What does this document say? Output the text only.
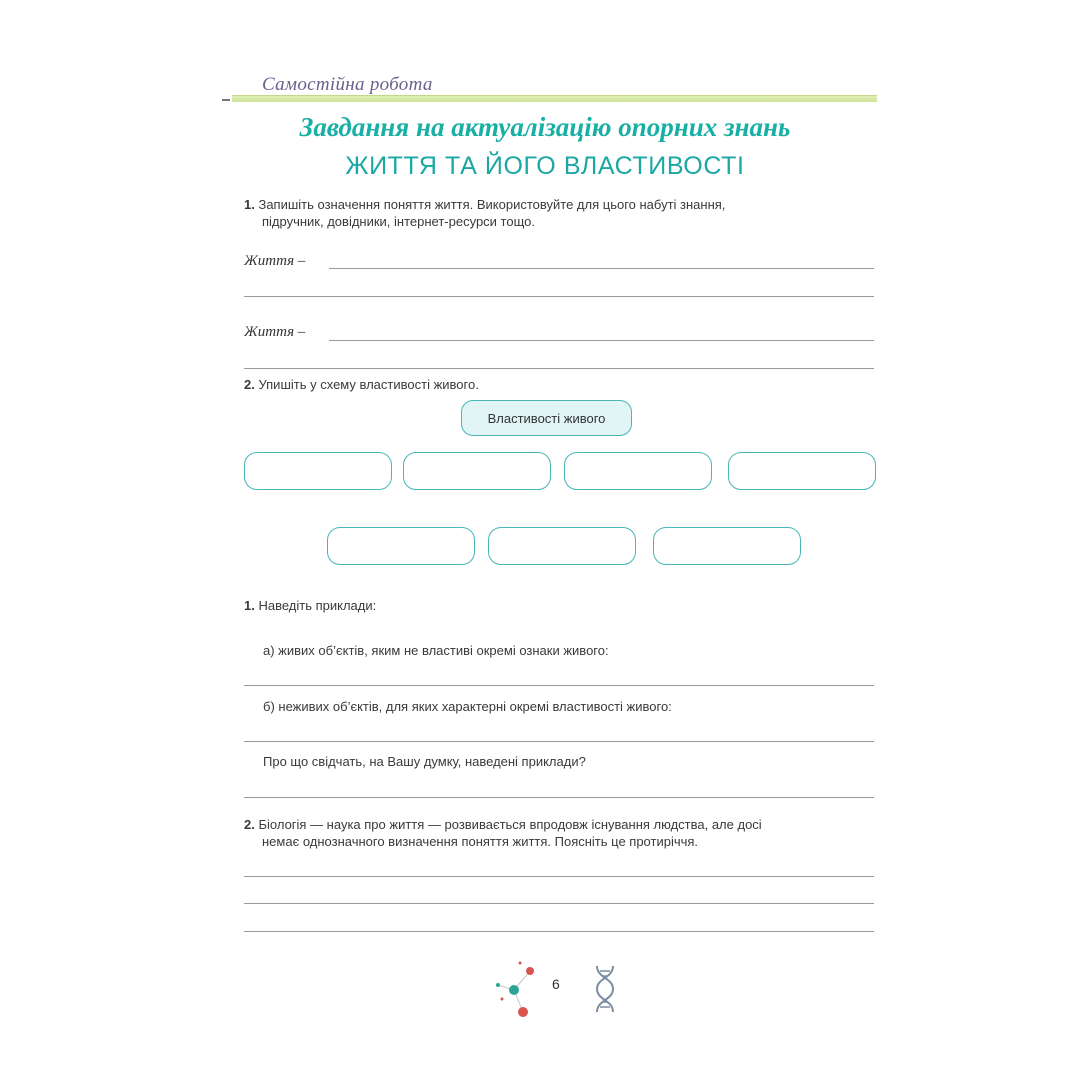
Самостійна робота
Завдання на актуалізацію опорних знань
ЖИТТЯ ТА ЙОГО ВЛАСТИВОСТІ
1. Запишіть означення поняття життя. Використовуйте для цього набуті знання,
підручник, довідники, інтернет-ресурси тощо.
Життя –
Життя –
2. Упишіть у схему властивості живого.
Властивості живого
1. Наведіть приклади:
а) живих об’єктів, яким не властиві окремі ознаки живого:
б) неживих об’єктів, для яких характерні окремі властивості живого:
Про що свідчать, на Вашу думку, наведені приклади?
2. Біологія — наука про життя — розвивається впродовж існування людства, але досі
немає однозначного визначення поняття життя. Поясніть це протиріччя.
6
